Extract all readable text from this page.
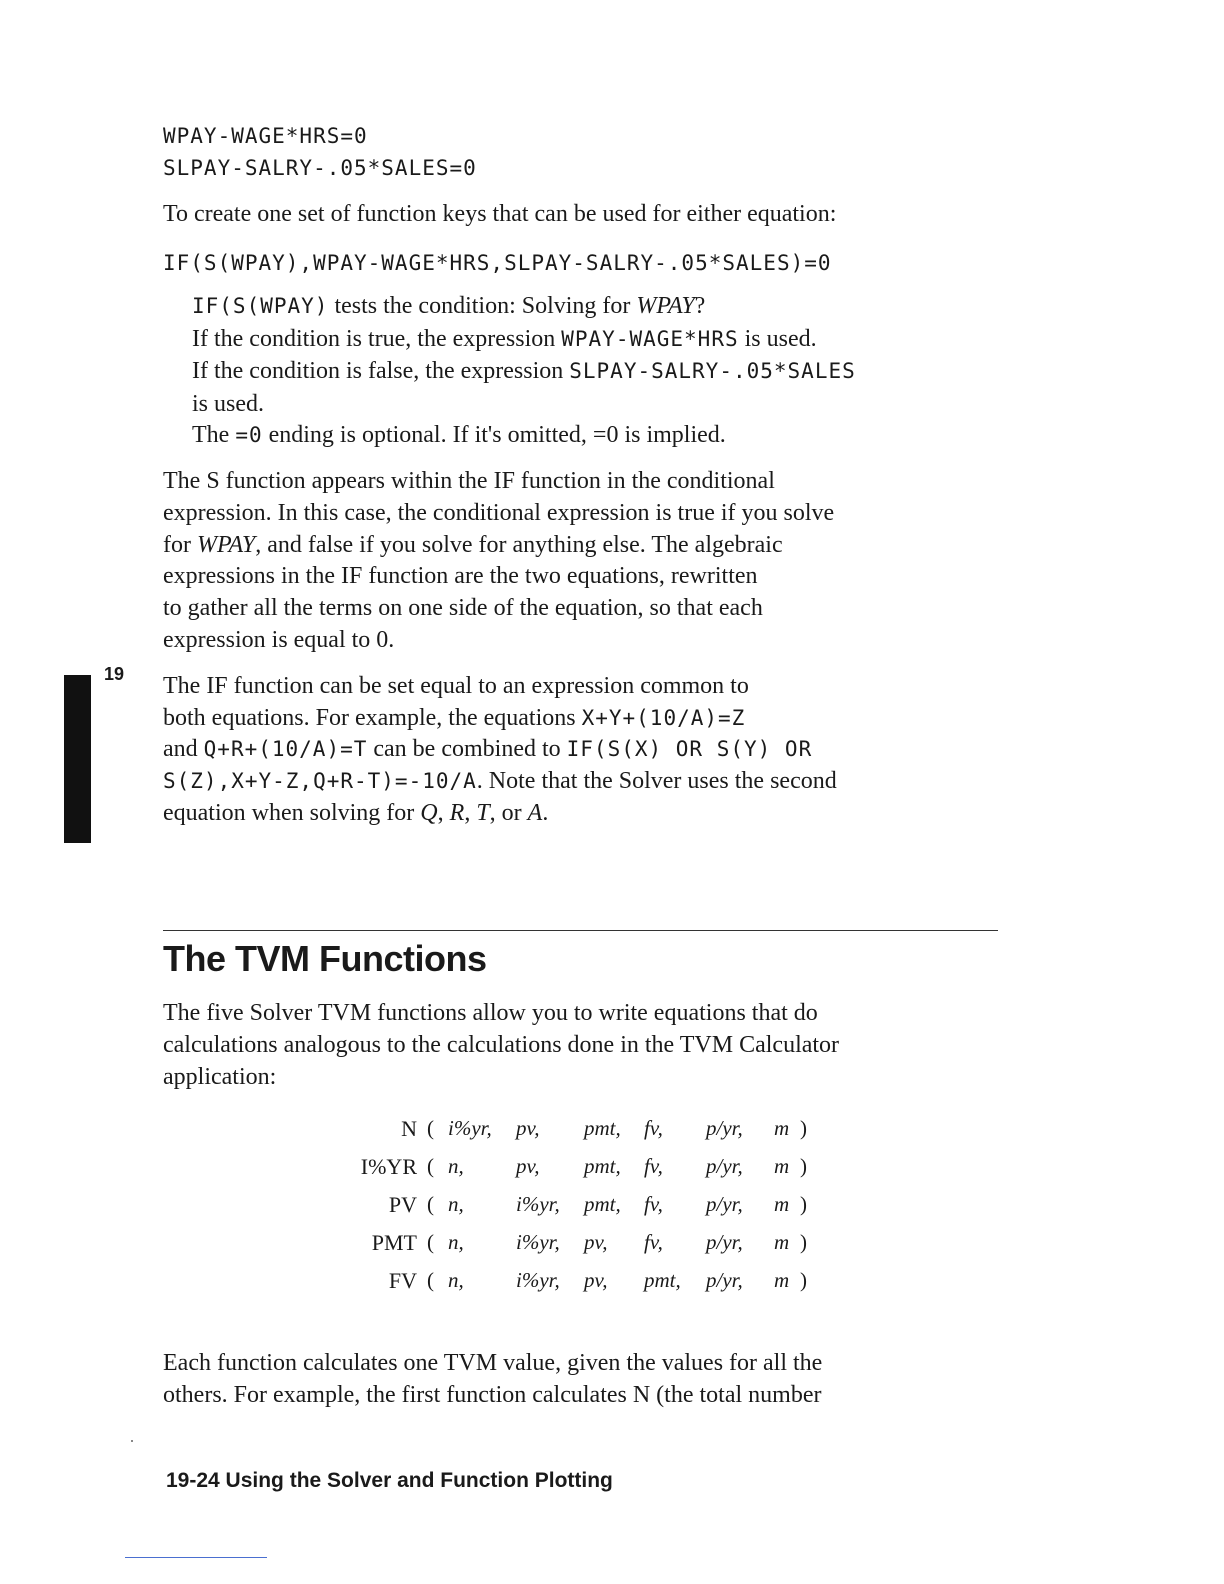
WPAY-WAGE*HRS=0
SLPAY-SALRY-.05*SALES=0
To create one set of function keys that can be used for either equation:
IF(S(WPAY),WPAY-WAGE*HRS,SLPAY-SALRY-.05*SALES)=0
IF(S(WPAY) tests the condition: Solving for WPAY?
If the condition is true, the expression WPAY-WAGE*HRS is used.
If the condition is false, the expression SLPAY-SALRY-.05*SALES
is used.
The =0 ending is optional. If it's omitted, =0 is implied.
The S function appears within the IF function in the conditional
expression. In this case, the conditional expression is true if you solve
for WPAY, and false if you solve for anything else. The algebraic
expressions in the IF function are the two equations, rewritten
to gather all the terms on one side of the equation, so that each
expression is equal to 0.
19 The IF function can be set equal to an expression common to
both equations. For example, the equations X+Y+(10/A)=Z
and Q+R+(10/A)=T can be combined to IF(S(X) OR S(Y) OR
S(Z),X+Y-Z,Q+R-T)=-10/A. Note that the Solver uses the second
equation when solving for Q, R, T, or A.
The TVM Functions
The five Solver TVM functions allow you to write equations that do
calculations analogous to the calculations done in the TVM Calculator
application:
N ( i%yr, pv, pmt, fv, p/yr, m )
I%YR ( n, pv, pmt, fv, p/yr, m )
PV ( n, i%yr, pmt, fv, p/yr, m )
PMT ( n, i%yr, pv, fv, p/yr, m )
FV ( n, i%yr, pv, pmt, p/yr, m )
Each function calculates one TVM value, given the values for all the
others. For example, the first function calculates N (the total number
19-24 Using the Solver and Function Plotting
